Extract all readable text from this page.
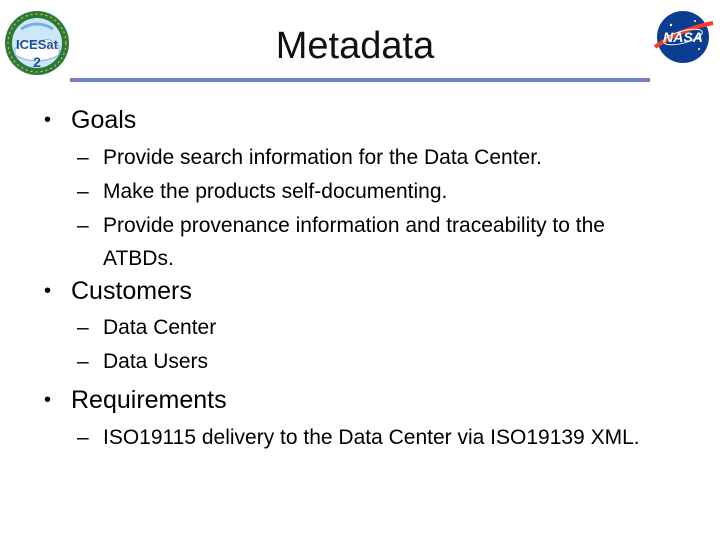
ICESat
2	Metadata	NASA
• Goals
– Provide search information for the Data Center.
– Make the products self-documenting.
– Provide provenance information and traceability to the ATBDs.
• Customers
– Data Center
– Data Users
• Requirements
– ISO19115 delivery to the Data Center via ISO19139 XML.
